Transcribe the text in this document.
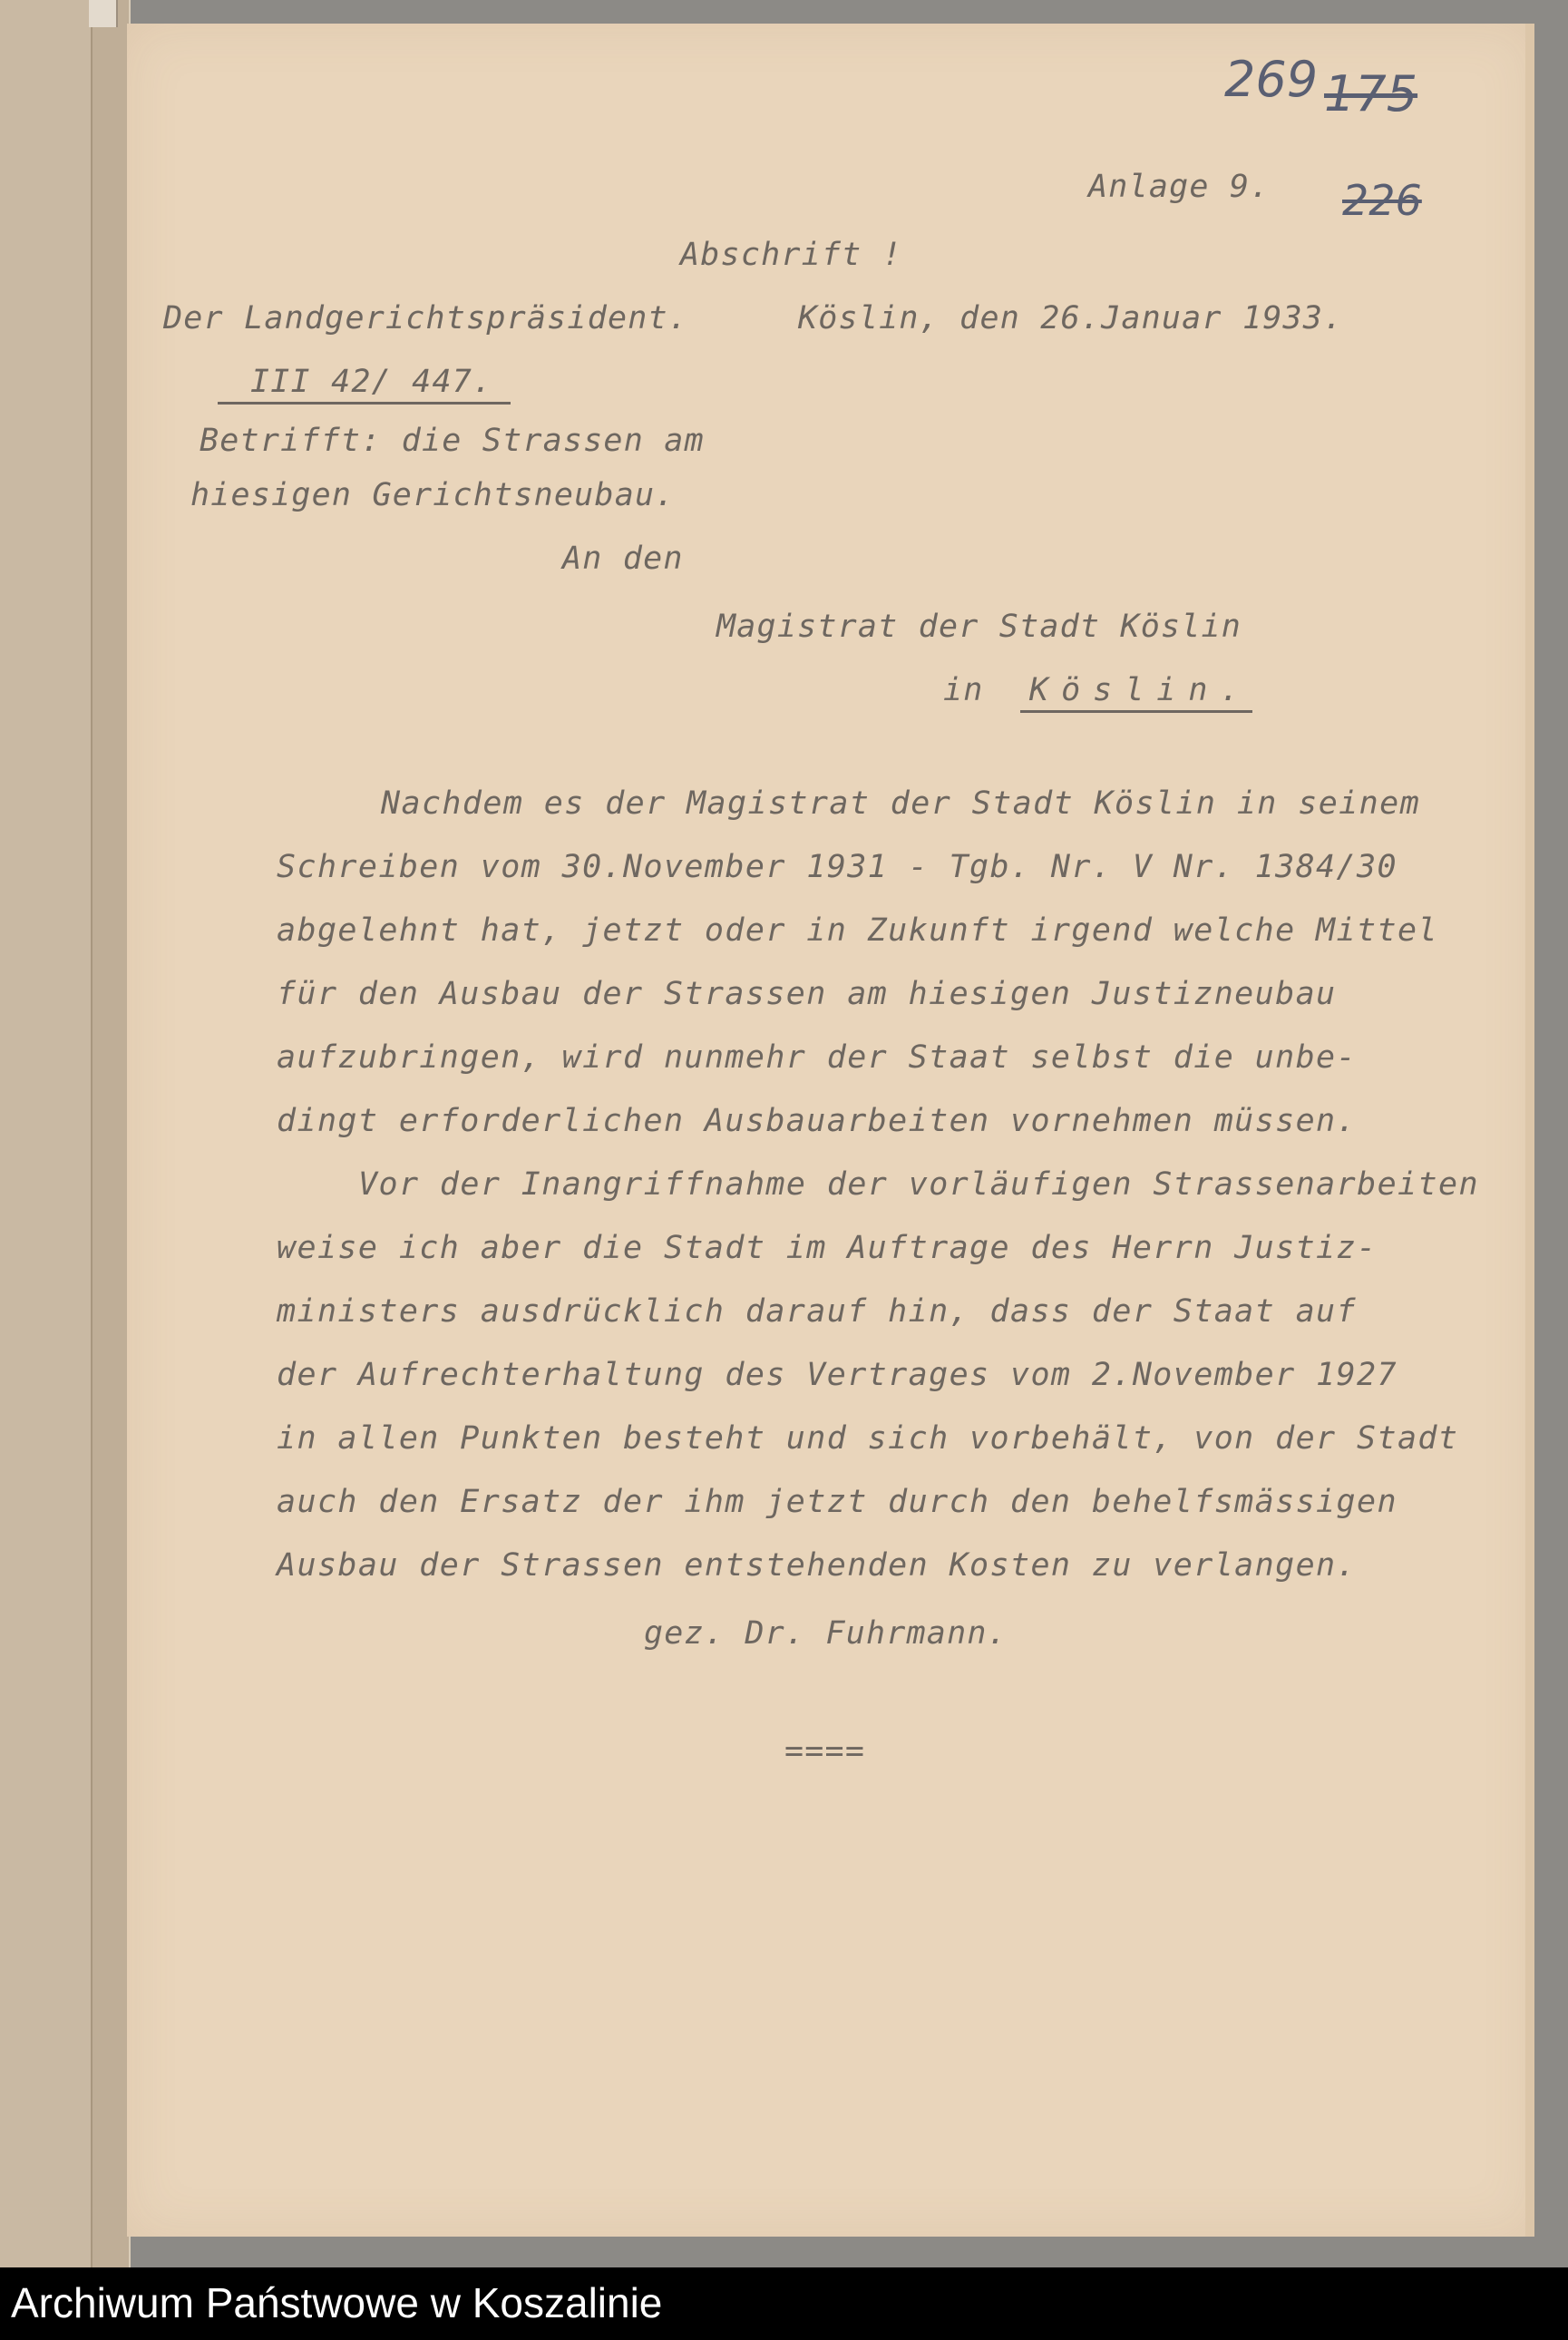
269 175
226
Anlage 9.
Abschrift !
Der Landgerichtspräsident.	Köslin, den 26.Januar 1933.
III 42/ 447.
Betrifft: die Strassen am
hiesigen Gerichtsneubau.
An den
Magistrat der Stadt Köslin
in Köslin.
Nachdem es der Magistrat der Stadt Köslin in seinem
Schreiben vom 30.November 1931 - Tgb. Nr. V Nr. 1384/30
abgelehnt hat, jetzt oder in Zukunft irgend welche Mittel
für den Ausbau der Strassen am hiesigen Justizneubau
aufzubringen, wird nunmehr der Staat selbst die unbe-
dingt erforderlichen Ausbauarbeiten vornehmen müssen.
Vor der Inangriffnahme der vorläufigen Strassenarbeiten
weise ich aber die Stadt im Auftrage des Herrn Justiz-
ministers ausdrücklich darauf hin, dass der Staat auf
der Aufrechterhaltung des Vertrages vom 2.November 1927
in allen Punkten besteht und sich vorbehält, von der Stadt
auch den Ersatz der ihm jetzt durch den behelfsmässigen
Ausbau der Strassen entstehenden Kosten zu verlangen.
gez. Dr. Fuhrmann.
====
Archiwum Państwowe w Koszalinie
